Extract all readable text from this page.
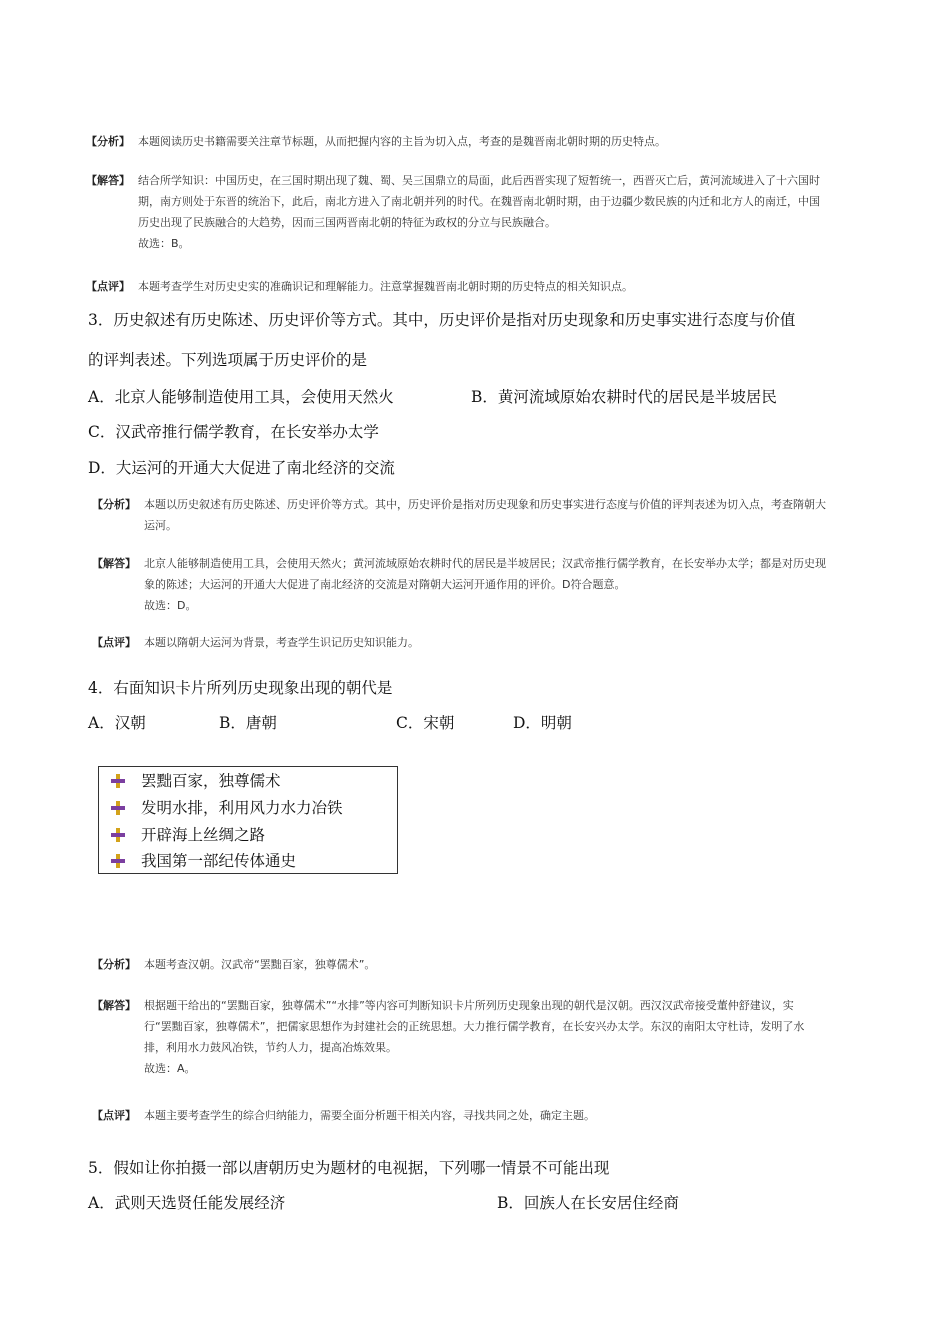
【分析】 本题阅读历史书籍需要关注章节标题，从而把握内容的主旨为切入点，考查的是魏晋南北朝时期的历史特点。
【解答】 结合所学知识：中国历史，在三国时期出现了魏、蜀、吴三国鼎立的局面，此后西晋实现了短暂统一，西晋灭亡后，黄河流域进入了十六国时
期，南方则处于东晋的统治下，此后，南北方进入了南北朝并列的时代。在魏晋南北朝时期，由于边疆少数民族的内迁和北方人的南迁，中国
历史出现了民族融合的大趋势，因而三国两晋南北朝的特征为政权的分立与民族融合。
故选：B。
【点评】 本题考查学生对历史史实的准确识记和理解能力。注意掌握魏晋南北朝时期的历史特点的相关知识点。
3．历史叙述有历史陈述、历史评价等方式。其中，历史评价是指对历史现象和历史事实进行态度与价值
的评判表述。下列选项属于历史评价的是
A．北京人能够制造使用工具，会使用天然火	B．黄河流域原始农耕时代的居民是半坡居民
C．汉武帝推行儒学教育，在长安举办太学
D．大运河的开通大大促进了南北经济的交流
【分析】 本题以历史叙述有历史陈述、历史评价等方式。其中，历史评价是指对历史现象和历史事实进行态度与价值的评判表述为切入点，考查隋朝大
运河。
【解答】 北京人能够制造使用工具，会使用天然火；黄河流域原始农耕时代的居民是半坡居民；汉武帝推行儒学教育，在长安举办太学；都是对历史现
象的陈述；大运河的开通大大促进了南北经济的交流是对隋朝大运河开通作用的评价。D符合题意。
故选：D。
【点评】 本题以隋朝大运河为背景，考查学生识记历史知识能力。
4．右面知识卡片所列历史现象出现的朝代是
A．汉朝	B．唐朝	C．宋朝	D．明朝
罢黜百家，独尊儒术
发明水排，利用风力水力冶铁
开辟海上丝绸之路
我国第一部纪传体通史
【分析】 本题考查汉朝。汉武帝“罢黜百家，独尊儒术”。
【解答】 根据题干给出的“罢黜百家，独尊儒术”“水排”等内容可判断知识卡片所列历史现象出现的朝代是汉朝。西汉汉武帝接受董仲舒建议，实
行“罢黜百家，独尊儒术”，把儒家思想作为封建社会的正统思想。大力推行儒学教育，在长安兴办太学。东汉的南阳太守杜诗，发明了水
排，利用水力鼓风冶铁，节约人力，提高冶炼效果。
故选：A。
【点评】 本题主要考查学生的综合归纳能力，需要全面分析题干相关内容，寻找共同之处，确定主题。
5．假如让你拍摄一部以唐朝历史为题材的电视据，下列哪一情景不可能出现
A．武则天选贤任能发展经济	B．回族人在长安居住经商
